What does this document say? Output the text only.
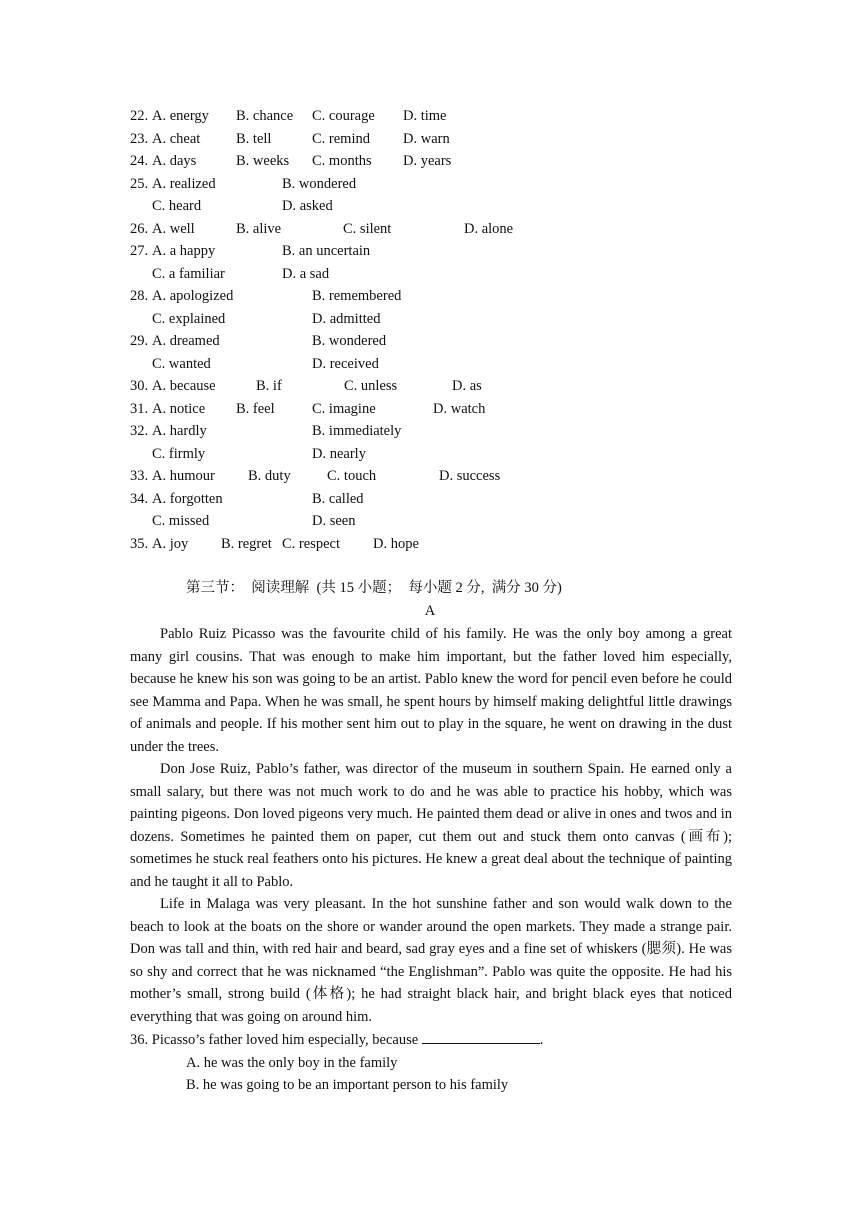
22. A. energy B. chance C. courage D. time
23. A. cheat B. tell	C. remind D. warn
24. A. days	B. weeks C. months D. years
25. A. realized	B. wondered
C. heard	D. asked
26. A. well	B. alive	C. silent	D. alone
27. A. a happy	B. an uncertain
C. a familiar	D. a sad
28. A. apologized	B. remembered
C. explained	D. admitted
29. A. dreamed	B. wondered
C. wanted	D. received
30. A. because	B. if	C. unless	D. as
31. A. notice B. feel	C. imagine	D. watch
32. A. hardly	B. immediately
C. firmly	D. nearly
33. A. humour B. duty	C. touch	D. success
34. A. forgotten	B. called
C. missed	D. seen
35. A. joy B. regret C. respect D. hope
第三节：  阅读理解  (共 15 小题；  每小题 2 分,  满分 30 分)
A

Pablo Ruiz Picasso was the favourite child of his family. He was the only boy among a great many girl cousins. That was enough to make him important, but the father loved him especially, because he knew his son was going to be an artist. Pablo knew the word for pencil even before he could see Mamma and Papa. When he was small, he spent hours by himself making delightful little drawings of animals and people. If his mother sent him out to play in the square, he went on drawing in the dust under the trees.

Don Jose Ruiz, Pablo’s father, was director of the museum in southern Spain. He earned only a small salary, but there was not much work to do and he was able to practice his hobby, which was painting pigeons. Don loved pigeons very much. He painted them dead or alive in ones and twos and in dozens. Sometimes he painted them on paper, cut them out and stuck them onto canvas (画布); sometimes he stuck real feathers onto his pictures. He knew a great deal about the technique of painting and he taught it all to Pablo.

Life in Malaga was very pleasant. In the hot sunshine father and son would walk down to the beach to look at the boats on the shore or wander around the open markets. They made a strange pair. Don was tall and thin, with red hair and beard, sad gray eyes and a fine set of whiskers (腮须). He was so shy and correct that he was nicknamed “the Englishman”. Pablo was quite the opposite. He had his mother’s small, strong build (体格); he had straight black hair, and bright black eyes that noticed everything that was going on around him.

36. Picasso’s father loved him especially, because	.
A. he was the only boy in the family
B. he was going to be an important person to his family
